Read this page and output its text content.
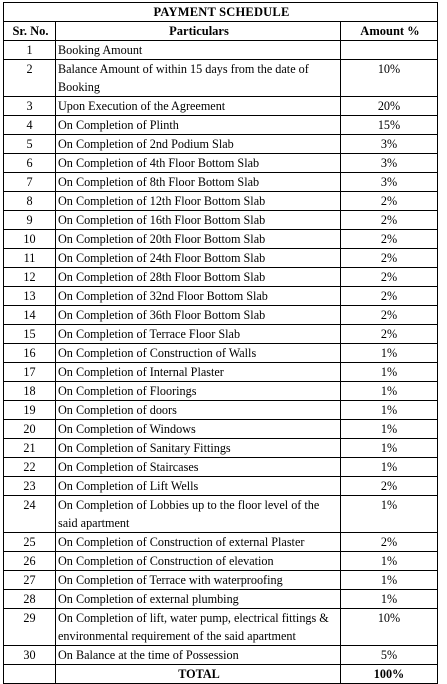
PAYMENT SCHEDULE		
Sr. No.	Particulars	Amount %
1	Booking Amount	
2	Balance Amount of within 15 days from the date of Booking	10%
3	Upon Execution of the Agreement	20%
4	On Completion of Plinth	15%
5	On Completion of 2nd Podium Slab	3%
6	On Completion of 4th Floor Bottom Slab	3%
7	On Completion of 8th Floor Bottom Slab	3%
8	On Completion of 12th Floor Bottom Slab	2%
9	On Completion of 16th Floor Bottom Slab	2%
10	On Completion of 20th Floor Bottom Slab	2%
11	On Completion of 24th Floor Bottom Slab	2%
12	On Completion of 28th Floor Bottom Slab	2%
13	On Completion of 32nd Floor Bottom Slab	2%
14	On Completion of 36th Floor Bottom Slab	2%
15	On Completion of Terrace Floor Slab	2%
16	On Completion of Construction of Walls	1%
17	On Completion of Internal Plaster	1%
18	On Completion of Floorings	1%
19	On Completion of doors	1%
20	On Completion of Windows	1%
21	On Completion of Sanitary Fittings	1%
22	On Completion of Staircases	1%
23	On Completion of Lift Wells	2%
24	On Completion of Lobbies up to the floor level of the said apartment	1%
25	On Completion of Construction of external Plaster	2%
26	On Completion of Construction of elevation	1%
27	On Completion of Terrace with waterproofing	1%
28	On Completion of external plumbing	1%
29	On Completion of lift, water pump, electrical fittings & environmental requirement of the said apartment	10%
30	On Balance at the time of Possession	5%
	TOTAL	100%
